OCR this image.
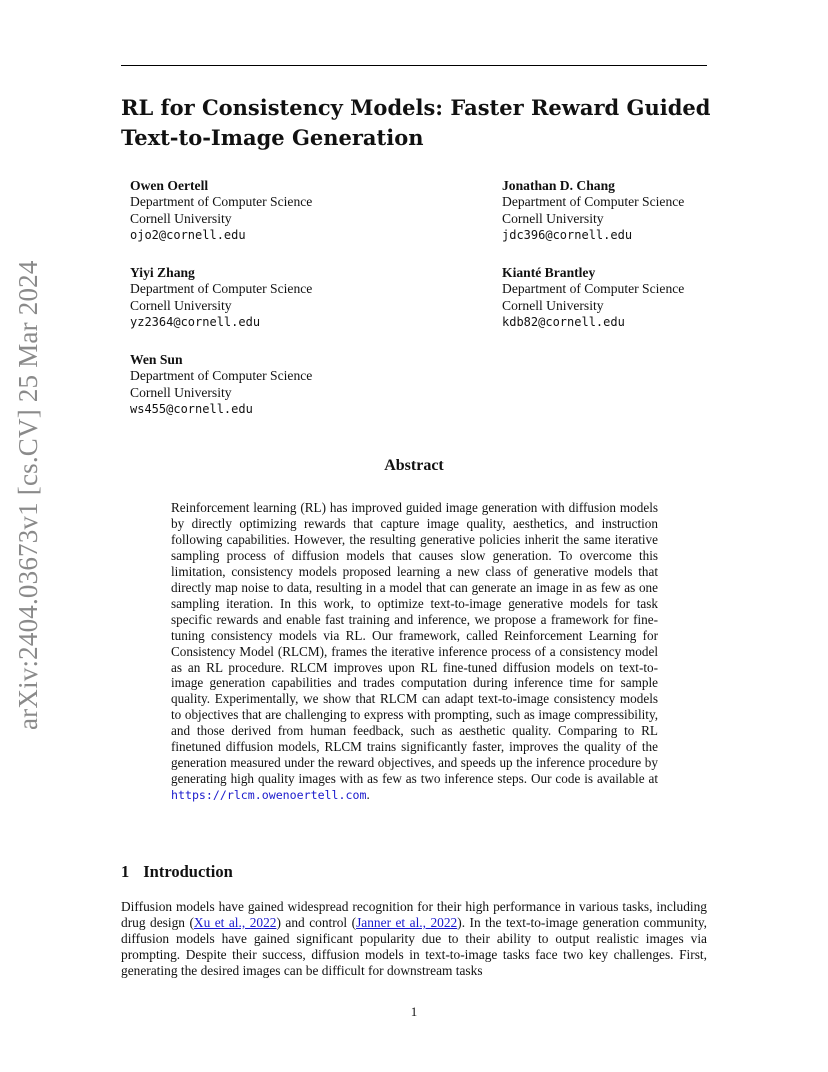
RL for Consistency Models: Faster Reward Guided Text-to-Image Generation
arXiv:2404.03673v1 [cs.CV] 25 Mar 2024
Owen Oertell
Department of Computer Science
Cornell University
ojo2@cornell.edu
Jonathan D. Chang
Department of Computer Science
Cornell University
jdc396@cornell.edu
Yiyi Zhang
Department of Computer Science
Cornell University
yz2364@cornell.edu
Kianté Brantley
Department of Computer Science
Cornell University
kdb82@cornell.edu
Wen Sun
Department of Computer Science
Cornell University
ws455@cornell.edu
Abstract

Reinforcement learning (RL) has improved guided image generation with diffusion models by directly optimizing rewards that capture image quality, aesthetics, and instruction following capabilities. However, the resulting generative policies inherit the same iterative sampling process of diffusion models that causes slow generation. To overcome this limitation, consistency models proposed learning a new class of generative models that directly map noise to data, resulting in a model that can generate an image in as few as one sampling iteration. In this work, to optimize text-to-image generative models for task specific rewards and enable fast training and inference, we propose a framework for fine-tuning consistency models via RL. Our framework, called Reinforcement Learning for Consistency Model (RLCM), frames the iterative inference process of a consistency model as an RL procedure. RLCM improves upon RL fine-tuned diffusion models on text-to-image generation capabilities and trades computation during inference time for sample quality. Experimentally, we show that RLCM can adapt text-to-image consistency models to objectives that are challenging to express with prompting, such as image compressibility, and those derived from human feedback, such as aesthetic quality. Comparing to RL finetuned diffusion models, RLCM trains significantly faster, improves the quality of the generation measured under the reward objectives, and speeds up the inference procedure by generating high quality images with as few as two inference steps. Our code is available at https://rlcm.owenoertell.com.

1 Introduction

Diffusion models have gained widespread recognition for their high performance in various tasks, including drug design (Xu et al., 2022) and control (Janner et al., 2022). In the text-to-image generation community, diffusion models have gained significant popularity due to their ability to output realistic images via prompting. Despite their success, diffusion models in text-to-image tasks face two key challenges. First, generating the desired images can be difficult for downstream tasks

1
